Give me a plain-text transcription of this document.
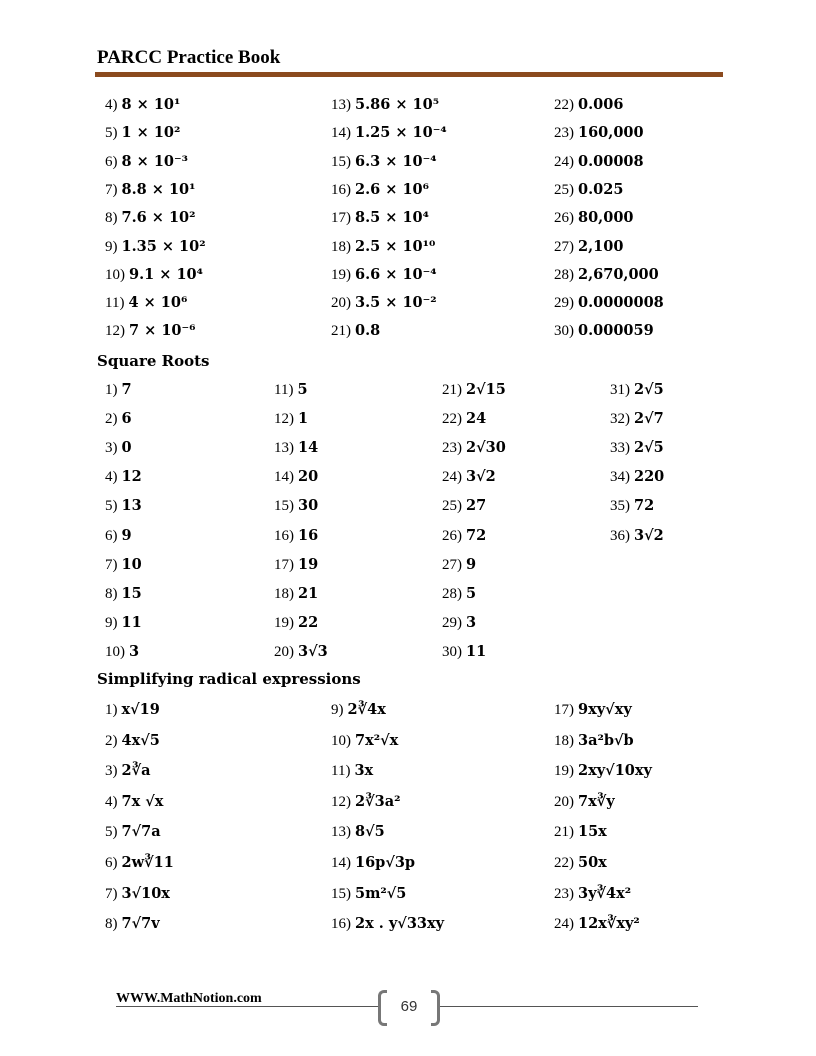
PARCC Practice Book
4) 8 × 10¹
5) 1 × 10²
6) 8 × 10⁻³
7) 8.8 × 10¹
8) 7.6 × 10²
9) 1.35 × 10²
10) 9.1 × 10⁴
11) 4 × 10⁶
12) 7 × 10⁻⁶
13) 5.86 × 10⁵
14) 1.25 × 10⁻⁴
15) 6.3 × 10⁻⁴
16) 2.6 × 10⁶
17) 8.5 × 10⁴
18) 2.5 × 10¹⁰
19) 6.6 × 10⁻⁴
20) 3.5 × 10⁻²
21) 0.8
22) 0.006
23) 160,000
24) 0.00008
25) 0.025
26) 80,000
27) 2,100
28) 2,670,000
29) 0.0000008
30) 0.000059
Square Roots
1) 7
2) 6
3) 0
4) 12
5) 13
6) 9
7) 10
8) 15
9) 11
10) 3
11) 5
12) 1
13) 14
14) 20
15) 30
16) 16
17) 19
18) 21
19) 22
20) 3√3
21) 2√15
22) 24
23) 2√30
24) 3√2
25) 27
26) 72
27) 9
28) 5
29) 3
30) 11
31) 2√5
32) 2√7
33) 2√5
34) 220
35) 72
36) 3√2
Simplifying radical expressions
1) x√19
2) 4x√5
3) 2∛a
4) 7x √x
5) 7√7a
6) 2w∛11
7) 3√10x
8) 7√7v
9) 2∛4x
10) 7x²√x
11) 3x
12) 2∛3a²
13) 8√5
14) 16p√3p
15) 5m²√5
16) 2x . y√33xy
17) 9xy√xy
18) 3a²b√b
19) 2xy√10xy
20) 7x∛y
21) 15x
22) 50x
23) 3y∛4x²
24) 12x∛xy²
WWW.MathNotion.com	69
